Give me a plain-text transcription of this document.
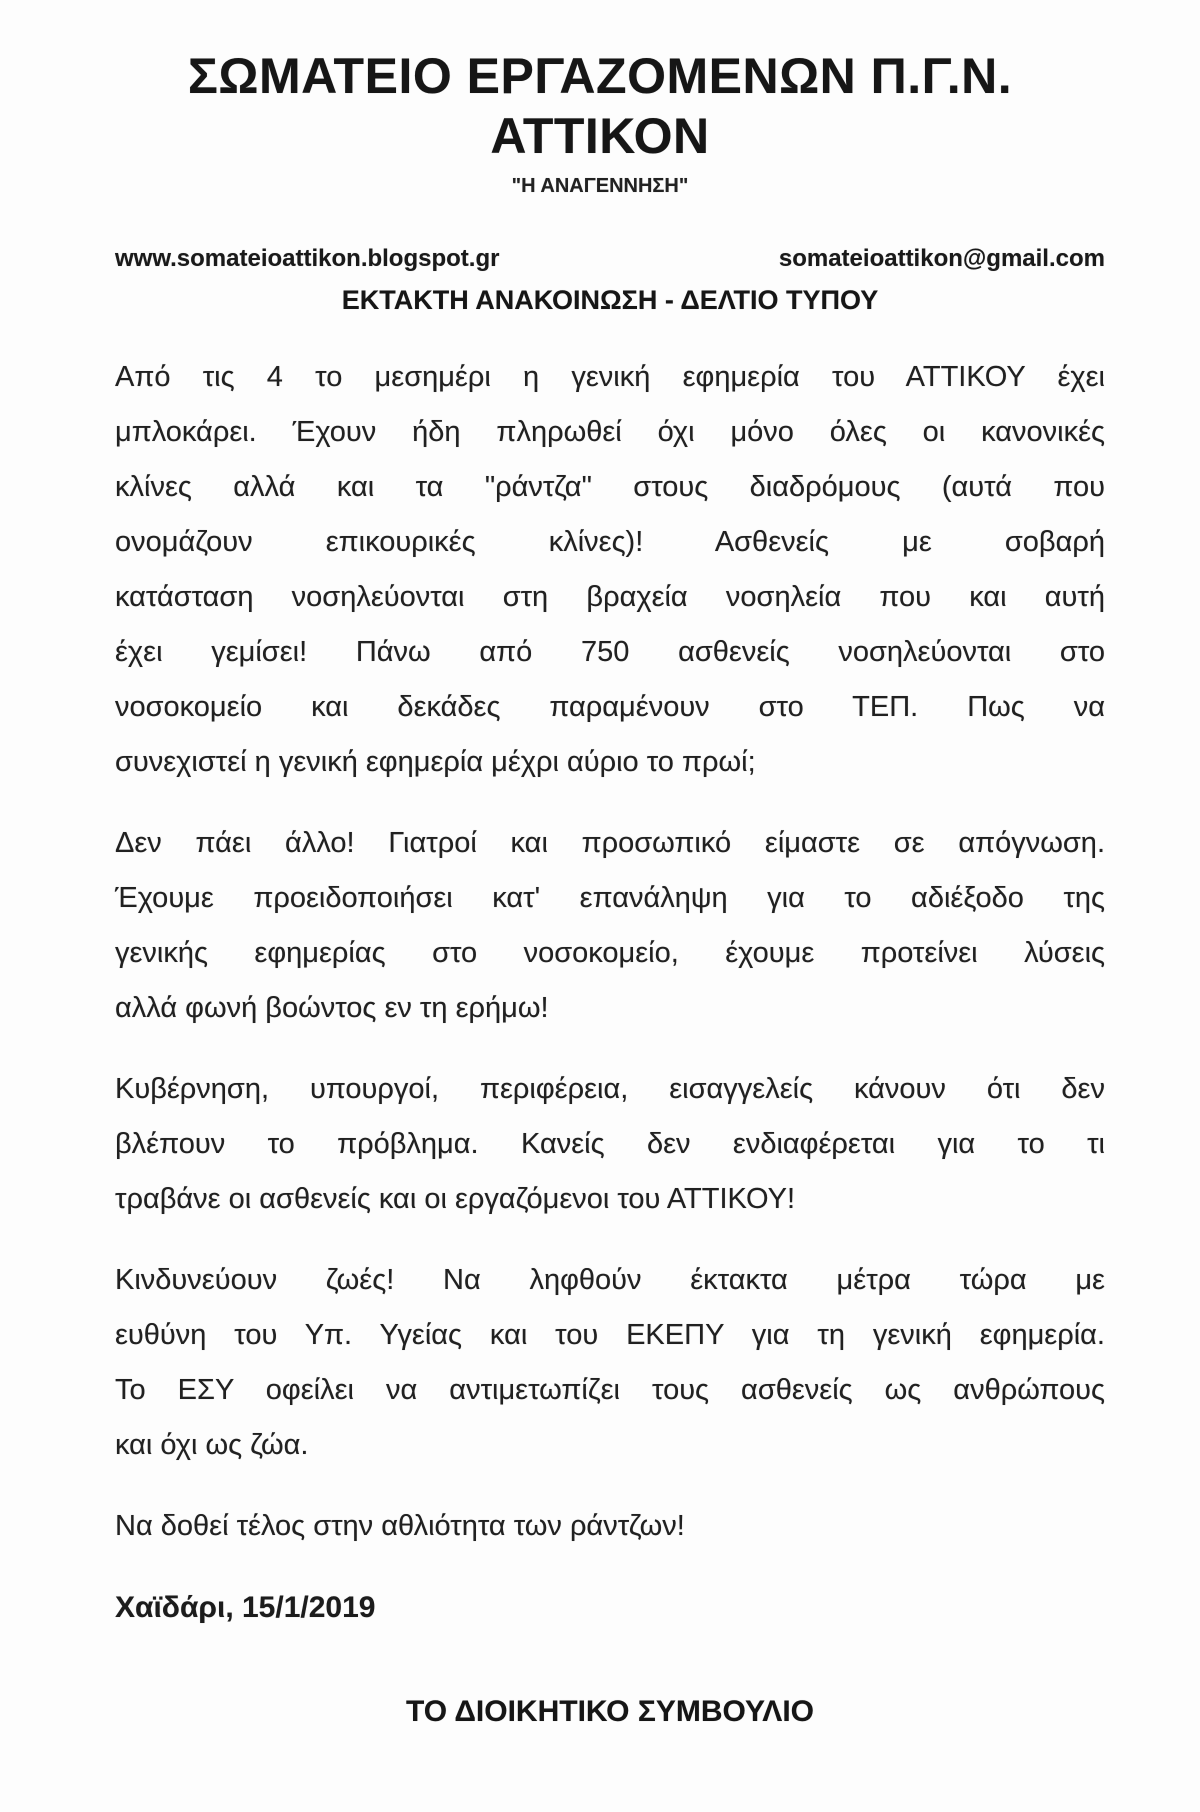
ΣΩΜΑΤΕΙΟ ΕΡΓΑΖΟΜΕΝΩΝ Π.Γ.Ν.
ΑΤΤΙΚΟΝ
"Η ΑΝΑΓΕΝΝΗΣΗ"
www.somateioattikon.blogspot.gr	somateioattikon@gmail.com
ΕΚΤΑΚΤΗ ΑΝΑΚΟΙΝΩΣΗ - ΔΕΛΤΙΟ ΤΥΠΟΥ
Από τις 4 το μεσημέρι η γενική εφημερία του ΑΤΤΙΚΟΥ έχει
μπλοκάρει. Έχουν ήδη πληρωθεί όχι μόνο όλες οι κανονικές
κλίνες αλλά και τα "ράντζα" στους διαδρόμους (αυτά που
ονομάζουν επικουρικές κλίνες)! Ασθενείς με σοβαρή
κατάσταση νοσηλεύονται στη βραχεία νοσηλεία που και αυτή
έχει γεμίσει! Πάνω από 750 ασθενείς νοσηλεύονται στο
νοσοκομείο και δεκάδες παραμένουν στο ΤΕΠ. Πως να
συνεχιστεί η γενική εφημερία μέχρι αύριο το πρωί;
Δεν πάει άλλο! Γιατροί και προσωπικό είμαστε σε απόγνωση.
Έχουμε προειδοποιήσει κατ' επανάληψη για το αδιέξοδο της
γενικής εφημερίας στο νοσοκομείο, έχουμε προτείνει λύσεις
αλλά φωνή βοώντος εν τη ερήμω!
Κυβέρνηση, υπουργοί, περιφέρεια, εισαγγελείς κάνουν ότι δεν
βλέπουν το πρόβλημα. Κανείς δεν ενδιαφέρεται για το τι
τραβάνε οι ασθενείς και οι εργαζόμενοι του ΑΤΤΙΚΟΥ!
Κινδυνεύουν ζωές! Να ληφθούν έκτακτα μέτρα τώρα με
ευθύνη του Υπ. Υγείας και του ΕΚΕΠΥ για τη γενική εφημερία.
Το ΕΣΥ οφείλει να αντιμετωπίζει τους ασθενείς ως ανθρώπους
και όχι ως ζώα.
Να δοθεί τέλος στην αθλιότητα των ράντζων!
Χαϊδάρι, 15/1/2019
ΤΟ ΔΙΟΙΚΗΤΙΚΟ ΣΥΜΒΟΥΛΙΟ
